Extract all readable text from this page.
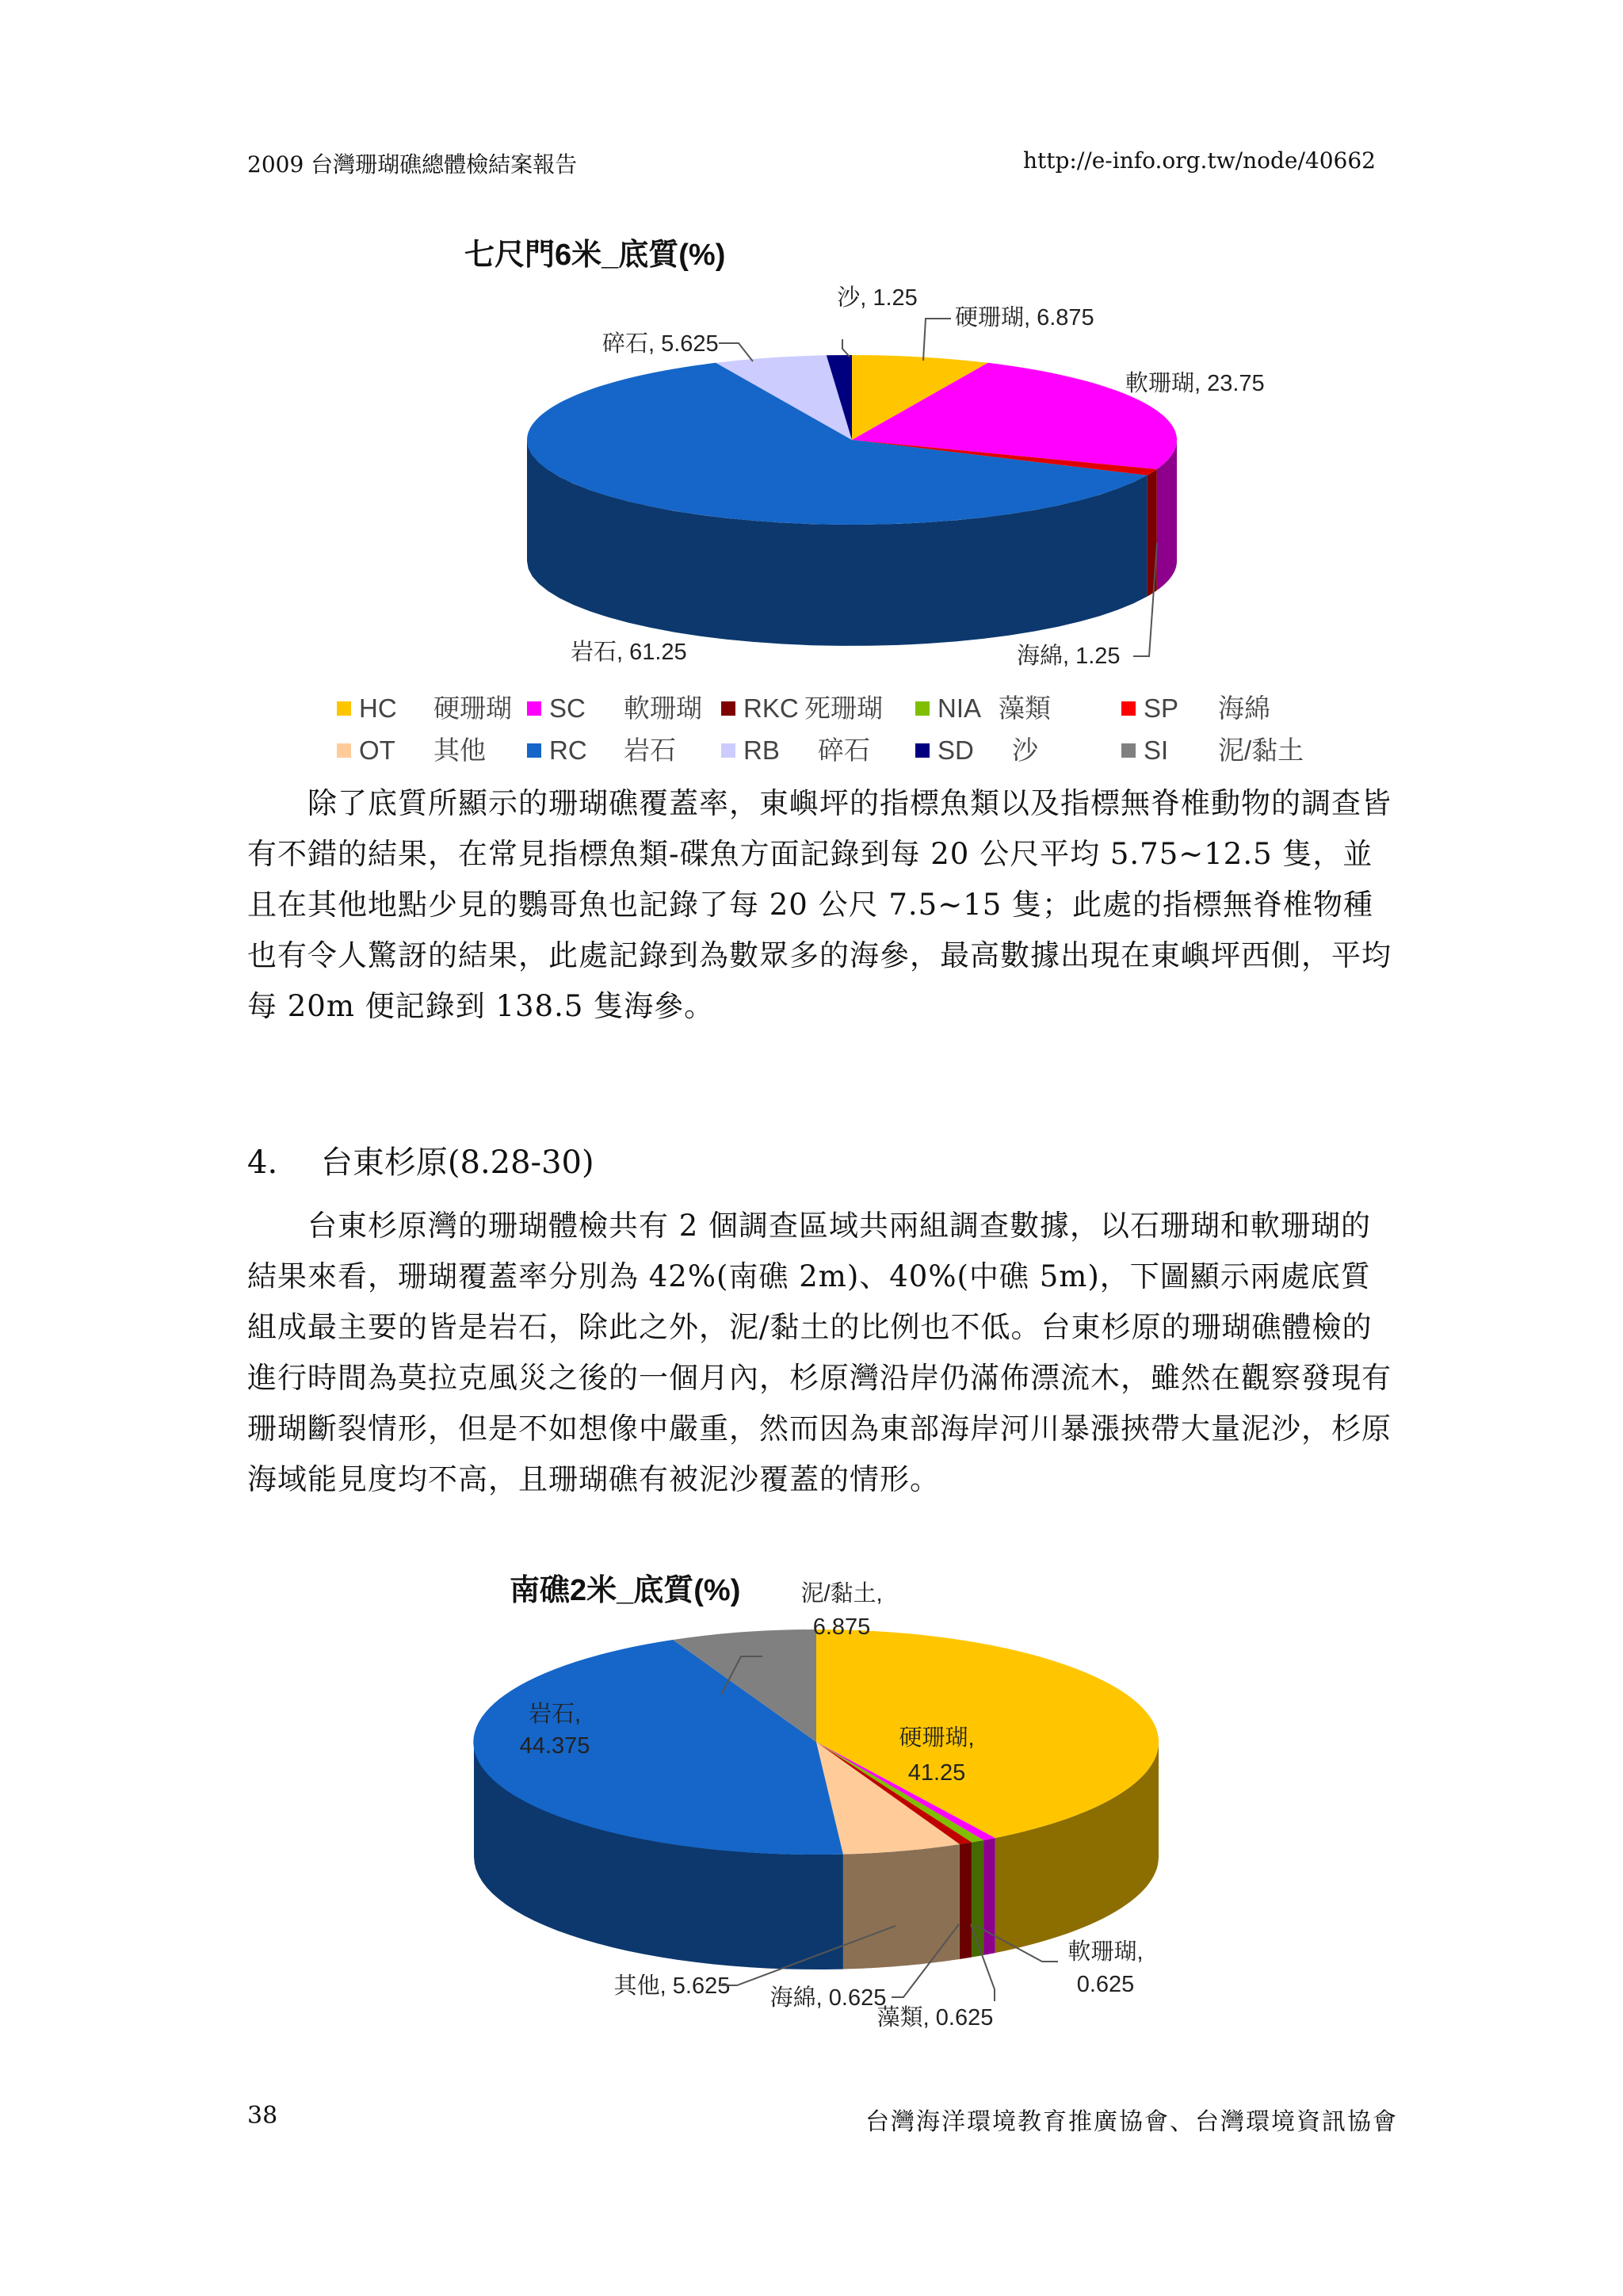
2009 台灣珊瑚礁總體檢結案報告	http://e-info.org.tw/node/40662
七尺門6米_底質(%)
沙, 1.25
硬珊瑚, 6.875
軟珊瑚, 23.75
碎石, 5.625
岩石, 61.25	海綿, 1.25
HC 硬珊瑚 SC 軟珊瑚 RKC 死珊瑚 NIA 藻類	SP 海綿
OT 其他 RC 岩石	RB 碎石	SD 沙	SI 泥/黏土

除了底質所顯示的珊瑚礁覆蓋率，東嶼坪的指標魚類以及指標無脊椎動物的調查皆有不錯的結果，在常見指標魚類-碟魚方面記錄到每 20 公尺平均 5.75~12.5 隻，並且在其他地點少見的鸚哥魚也記錄了每 20 公尺 7.5~15 隻；此處的指標無脊椎物種也有令人驚訝的結果，此處記錄到為數眾多的海參，最高數據出現在東嶼坪西側，平均每 20m 便記錄到 138.5 隻海參。

4. 台東杉原(8.28-30)

台東杉原灣的珊瑚體檢共有 2 個調查區域共兩組調查數據，以石珊瑚和軟珊瑚的結果來看，珊瑚覆蓋率分別為 42%(南礁 2m)、40%(中礁 5m)，下圖顯示兩處底質組成最主要的皆是岩石，除此之外，泥/黏土的比例也不低。台東杉原的珊瑚礁體檢的進行時間為莫拉克風災之後的一個月內，杉原灣沿岸仍滿佈漂流木，雖然在觀察發現有珊瑚斷裂情形，但是不如想像中嚴重，然而因為東部海岸河川暴漲挾帶大量泥沙，杉原海域能見度均不高，且珊瑚礁有被泥沙覆蓋的情形。

南礁2米_底質(%)	泥/黏土,
6.875
岩石,
44.375	硬珊瑚,
41.25
軟珊瑚,
0.625
藻類, 0.625
海綿, 0.625
其他, 5.625
38	台灣海洋環境教育推廣協會、台灣環境資訊協會
